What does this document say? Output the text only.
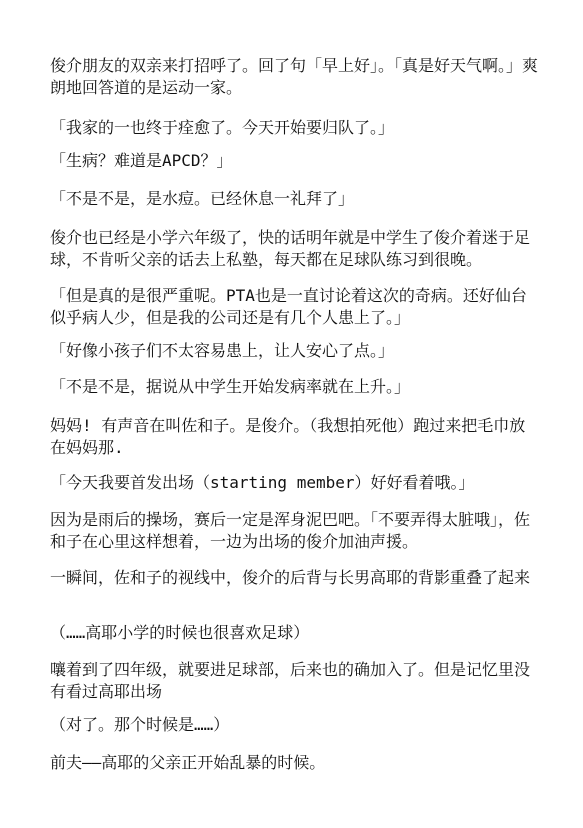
俊介朋友的双亲来打招呼了。回了句「早上好」。「真是好天气啊。」爽朗地回答道的是运动一家。

「我家的一也终于痊愈了。今天开始要归队了。」

「生病？难道是APCD？」

「不是不是，是水痘。已经休息一礼拜了」

俊介也已经是小学六年级了，快的话明年就是中学生了俊介着迷于足球，不肯听父亲的话去上私塾，每天都在足球队练习到很晚。

「但是真的是很严重呢。PTA也是一直讨论着这次的奇病。还好仙台似乎病人少，但是我的公司还是有几个人患上了。」

「好像小孩子们不太容易患上，让人安心了点。」

「不是不是，据说从中学生开始发病率就在上升。」

妈妈! 有声音在叫佐和子。是俊介。（我想拍死他）跑过来把毛巾放在妈妈那.

「今天我要首发出场（starting member）好好看着哦。」

因为是雨后的操场，赛后一定是浑身泥巴吧。「不要弄得太脏哦」，佐和子在心里这样想着，一边为出场的俊介加油声援。

一瞬间，佐和子的视线中，俊介的后背与长男高耶的背影重叠了起来

（……高耶小学的时候也很喜欢足球）

嚷着到了四年级，就要进足球部，后来也的确加入了。但是记忆里没有看过高耶出场

（对了。那个时候是……）

前夫——高耶的父亲正开始乱暴的时候。
